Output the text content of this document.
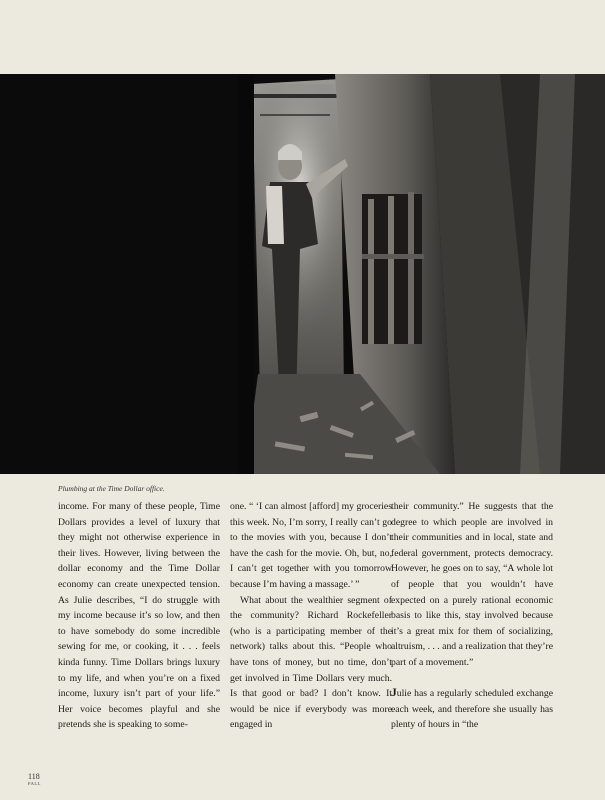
Plumbing at the Time Dollar office.

income. For many of these people, Time Dollars provides a level of luxury that they might not otherwise experience in their lives. However, living between the dollar economy and the Time Dollar economy can create unexpected tension. As Julie describes, “I do struggle with my income because it’s so low, and then to have somebody do some incredible sewing for me, or cooking, it . . . feels kinda funny. Time Dollars brings luxury to my life, and when you’re on a fixed income, luxury isn’t part of your life.” Her voice becomes playful and she pretends she is speaking to some-

one. “ ‘I can almost [afford] my groceries this week. No, I’m sorry, I really can’t go to the movies with you, because I don’t have the cash for the movie. Oh, but, no, I can’t get together with you tomorrow because I’m having a massage.’ ”

What about the wealthier segment of the community? Richard Rockefeller (who is a participating member of the network) talks about this. “People who have tons of money, but no time, don’t get involved in Time Dollars very much. Is that good or bad? I don’t know. It would be nice if everybody was more engaged in

their community.” He suggests that the degree to which people are involved in their communities and in local, state and federal government, protects democracy. However, he goes on to say, “A whole lot of people that you wouldn’t have expected on a purely rational economic basis to like this, stay involved because it’s a great mix for them of socializing, altruism, . . . and a realization that they’re part of a movement.”

Julie has a regularly scheduled exchange each week, and therefore she usually has plenty of hours in “the

118
FALL
